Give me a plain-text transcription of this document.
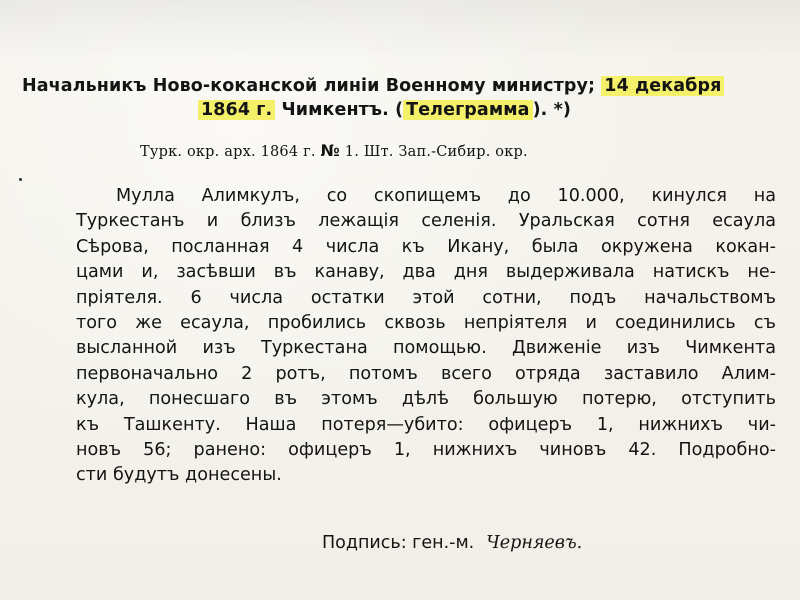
Начальникъ Ново-коканской линіи Военному министру; 14 декабря
1864 г. Чимкентъ. ( Телеграмма ). *)
Турк. окр. арх. 1864 г. № 1. Шт. Зап.-Сибир. окр.
Мулла Алимкулъ, со скопищемъ до 10.000, кинулся на
Туркестанъ и близъ лежащія селенія. Уральская сотня есаула
Сѣрова, посланная 4 числа къ Икану, была окружена кокан-
цами и, засѣвши въ канаву, два дня выдерживала натискъ не-
пріятеля. 6 числа остатки этой сотни, подъ начальствомъ
того же есаула, пробились сквозь непріятеля и соединились съ
высланной изъ Туркестана помощью. Движеніе изъ Чимкента
первоначально 2 ротъ, потомъ всего отряда заставило Алим-
кула, понесшаго въ этомъ дѣлѣ большую потерю, отступить
къ Ташкенту. Наша потеря—убито: офицеръ 1, нижнихъ чи-
новъ 56; ранено: офицеръ 1, нижнихъ чиновъ 42. Подробно-
сти будутъ донесены.
Подпись: ген.-м. Черняевъ.
